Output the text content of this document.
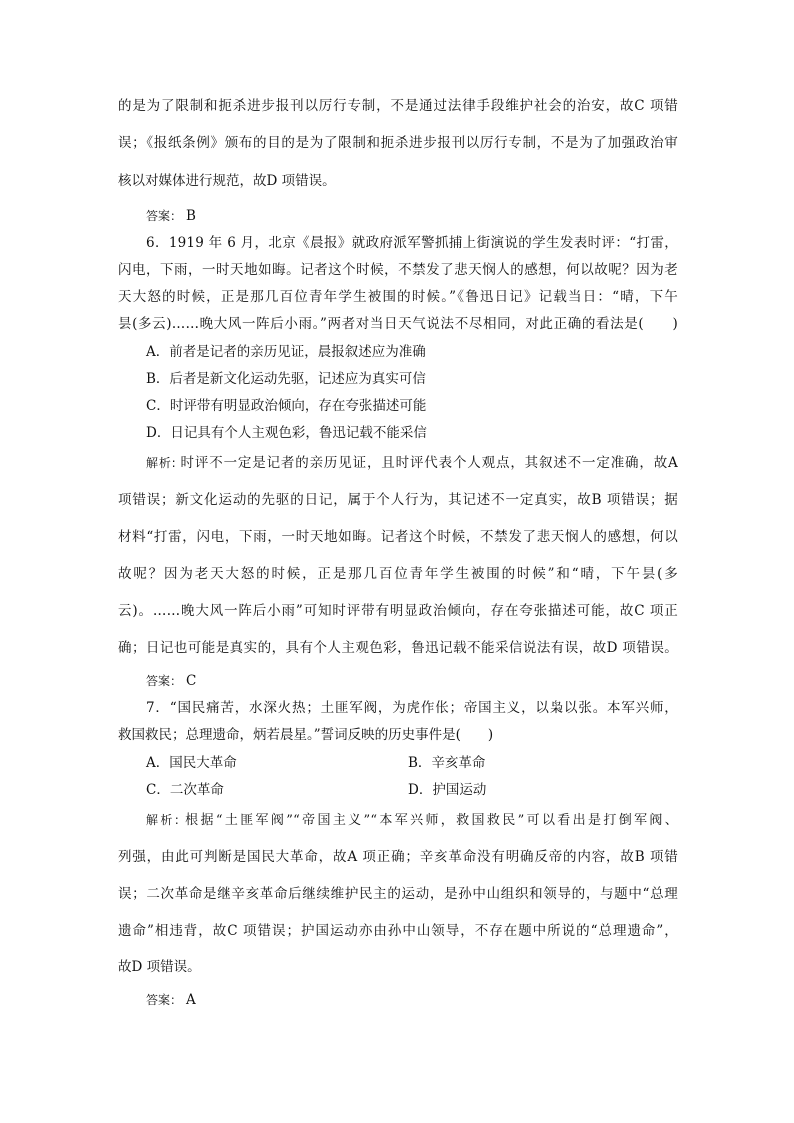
的是为了限制和扼杀进步报刊以厉行专制，不是通过法律手段维护社会的治安，故C 项错
误；《报纸条例》颁布的目的是为了限制和扼杀进步报刊以厉行专制，不是为了加强政治审
核以对媒体进行规范，故D 项错误。
答案： B
6．1919 年 6 月，北京《晨报》就政府派军警抓捕上街演说的学生发表时评：“打雷，
闪电，下雨，一时天地如晦。记者这个时候，不禁发了悲天悯人的感想，何以故呢？因为老
天大怒的时候，正是那几百位青年学生被围的时候。”《鲁迅日记》记载当日：“晴，下午
昙(多云)……晚大风一阵后小雨。”两者对当日天气说法不尽相同，对此正确的看法是(　　)
A．前者是记者的亲历见证，晨报叙述应为准确
B．后者是新文化运动先驱，记述应为真实可信
C．时评带有明显政治倾向，存在夸张描述可能
D．日记具有个人主观色彩，鲁迅记载不能采信
解析: 时评不一定是记者的亲历见证，且时评代表个人观点，其叙述不一定准确，故A
项错误；新文化运动的先驱的日记，属于个人行为，其记述不一定真实，故B 项错误；据
材料“打雷，闪电，下雨，一时天地如晦。记者这个时候，不禁发了悲天悯人的感想，何以
故呢？因为老天大怒的时候，正是那几百位青年学生被围的时候”和“晴，下午昙(多
云)。……晚大风一阵后小雨”可知时评带有明显政治倾向，存在夸张描述可能，故C 项正
确；日记也可能是真实的，具有个人主观色彩，鲁迅记载不能采信说法有误，故D 项错误。
答案： C
7．“国民痛苦，水深火热；土匪军阀，为虎作伥；帝国主义，以枭以张。本军兴师，
救国救民；总理遗命，炳若晨星。”誓词反映的历史事件是(　　)
A．国民大革命	B．辛亥革命
C．二次革命	D．护国运动
解析: 根据“土匪军阀”“帝国主义”“本军兴师，救国救民”可以看出是打倒军阀、
列强，由此可判断是国民大革命，故A 项正确；辛亥革命没有明确反帝的内容，故B 项错
误；二次革命是继辛亥革命后继续维护民主的运动，是孙中山组织和领导的，与题中“总理
遗命”相违背，故C 项错误；护国运动亦由孙中山领导，不存在题中所说的“总理遗命”，
故D 项错误。
答案： A
